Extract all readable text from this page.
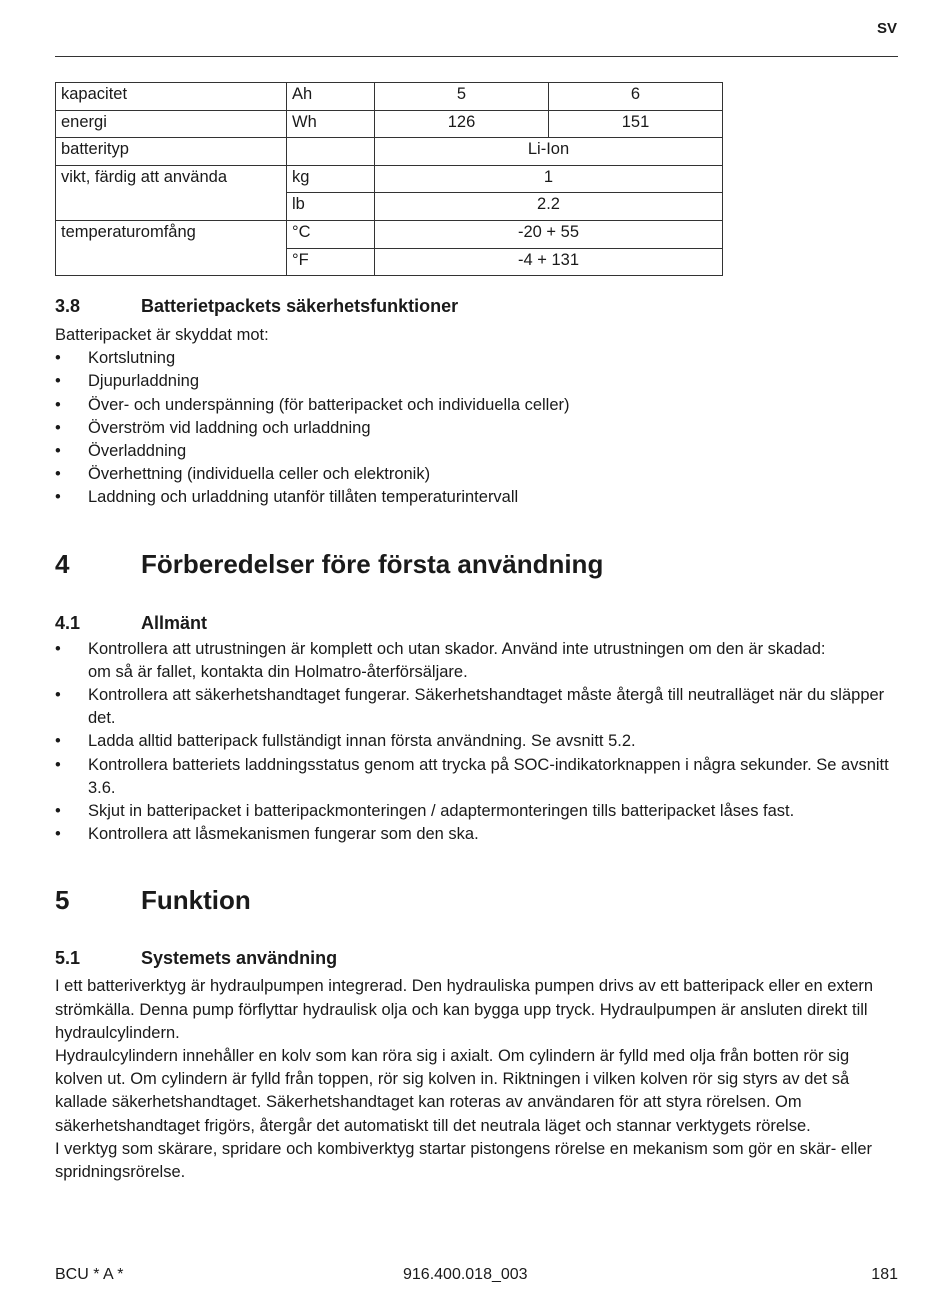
SV
kapacitet	Ah	5	6
energi	Wh	126	151
batterityp		Li-Ion	
vikt, färdig att använda	kg	1	
	lb	2.2	
temperaturomfång	°C	-20 + 55	
	°F	-4 + 131	
3.8	Batterietpackets säkerhetsfunktioner

Batteripacket är skyddat mot:

• Kortslutning
• Djupurladdning
• Över- och underspänning (för batteripacket och individuella celler)
• Överström vid laddning och urladdning
• Överladdning
• Överhettning (individuella celler och elektronik)
• Laddning och urladdning utanför tillåten temperaturintervall
4	Förberedelser före första användning
4.1	Allmänt
• Kontrollera att utrustningen är komplett och utan skador. Använd inte utrustningen om den är skadad:
om så är fallet, kontakta din Holmatro-återförsäljare.
• Kontrollera att säkerhetshandtaget fungerar. Säkerhetshandtaget måste återgå till neutralläget när du släpper det.
• Ladda alltid batteripack fullständigt innan första användning. Se avsnitt 5.2.
• Kontrollera batteriets laddningsstatus genom att trycka på SOC-indikatorknappen i några sekunder. Se avsnitt 3.6.
• Skjut in batteripacket i batteripackmonteringen / adaptermonteringen tills batteripacket låses fast.
• Kontrollera att låsmekanismen fungerar som den ska.
5	Funktion
5.1	Systemets användning

I ett batteriverktyg är hydraulpumpen integrerad. Den hydrauliska pumpen drivs av ett batteripack eller en extern strömkälla. Denna pump förflyttar hydraulisk olja och kan bygga upp tryck. Hydraulpumpen är ansluten direkt till hydraulcylindern.

Hydraulcylindern innehåller en kolv som kan röra sig i axialt. Om cylindern är fylld med olja från botten rör sig kolven ut. Om cylindern är fylld från toppen, rör sig kolven in. Riktningen i vilken kolven rör sig styrs av det så kallade säkerhetshandtaget. Säkerhetshandtaget kan roteras av användaren för att styra rörelsen. Om säkerhetshandtaget frigörs, återgår det automatiskt till det neutrala läget och stannar verktygets rörelse.

I verktyg som skärare, spridare och kombiverktyg startar pistongens rörelse en mekanism som gör en skär- eller spridningsrörelse.

BCU * A *	916.400.018_003	181
